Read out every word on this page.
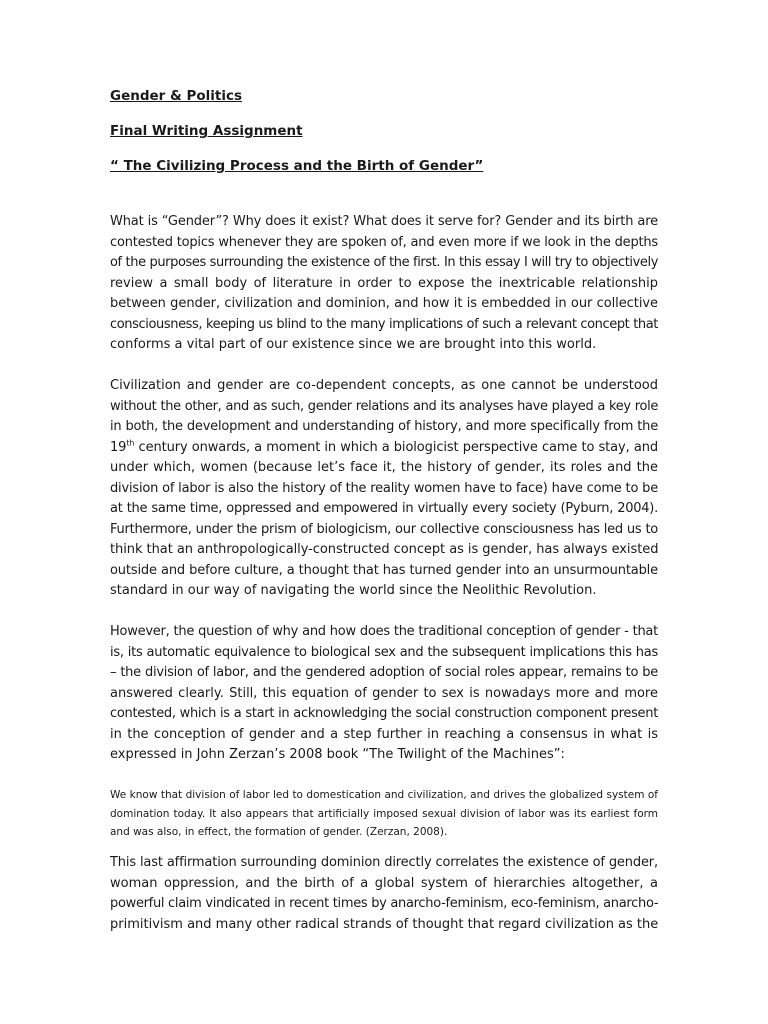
Gender & Politics

Final Writing Assignment

“ The Civilizing Process and the Birth of Gender”

What is “Gender”? Why does it exist? What does it serve for? Gender and its birth are
contested topics whenever they are spoken of, and even more if we look in the depths
of the purposes surrounding the existence of the first. In this essay I will try to objectively
review a small body of literature in order to expose the inextricable relationship
between gender, civilization and dominion, and how it is embedded in our collective
consciousness, keeping us blind to the many implications of such a relevant concept that
conforms a vital part of our existence since we are brought into this world.
Civilization and gender are co-dependent concepts, as one cannot be understood
without the other, and as such, gender relations and its analyses have played a key role
in both, the development and understanding of history, and more specifically from the
19th century onwards, a moment in which a biologicist perspective came to stay, and
under which, women (because let’s face it, the history of gender, its roles and the
division of labor is also the history of the reality women have to face) have come to be
at the same time, oppressed and empowered in virtually every society (Pyburn, 2004).
Furthermore, under the prism of biologicism, our collective consciousness has led us to
think that an anthropologically-constructed concept as is gender, has always existed
outside and before culture, a thought that has turned gender into an unsurmountable
standard in our way of navigating the world since the Neolithic Revolution.
However, the question of why and how does the traditional conception of gender - that
is, its automatic equivalence to biological sex and the subsequent implications this has
– the division of labor, and the gendered adoption of social roles appear, remains to be
answered clearly. Still, this equation of gender to sex is nowadays more and more
contested, which is a start in acknowledging the social construction component present
in the conception of gender and a step further in reaching a consensus in what is
expressed in John Zerzan’s 2008 book “The Twilight of the Machines”:
We know that division of labor led to domestication and civilization, and drives the globalized system of
domination today. It also appears that artificially imposed sexual division of labor was its earliest form
and was also, in effect, the formation of gender. (Zerzan, 2008).
This last affirmation surrounding dominion directly correlates the existence of gender,
woman oppression, and the birth of a global system of hierarchies altogether, a
powerful claim vindicated in recent times by anarcho-feminism, eco-feminism, anarcho-
primitivism and many other radical strands of thought that regard civilization as the
